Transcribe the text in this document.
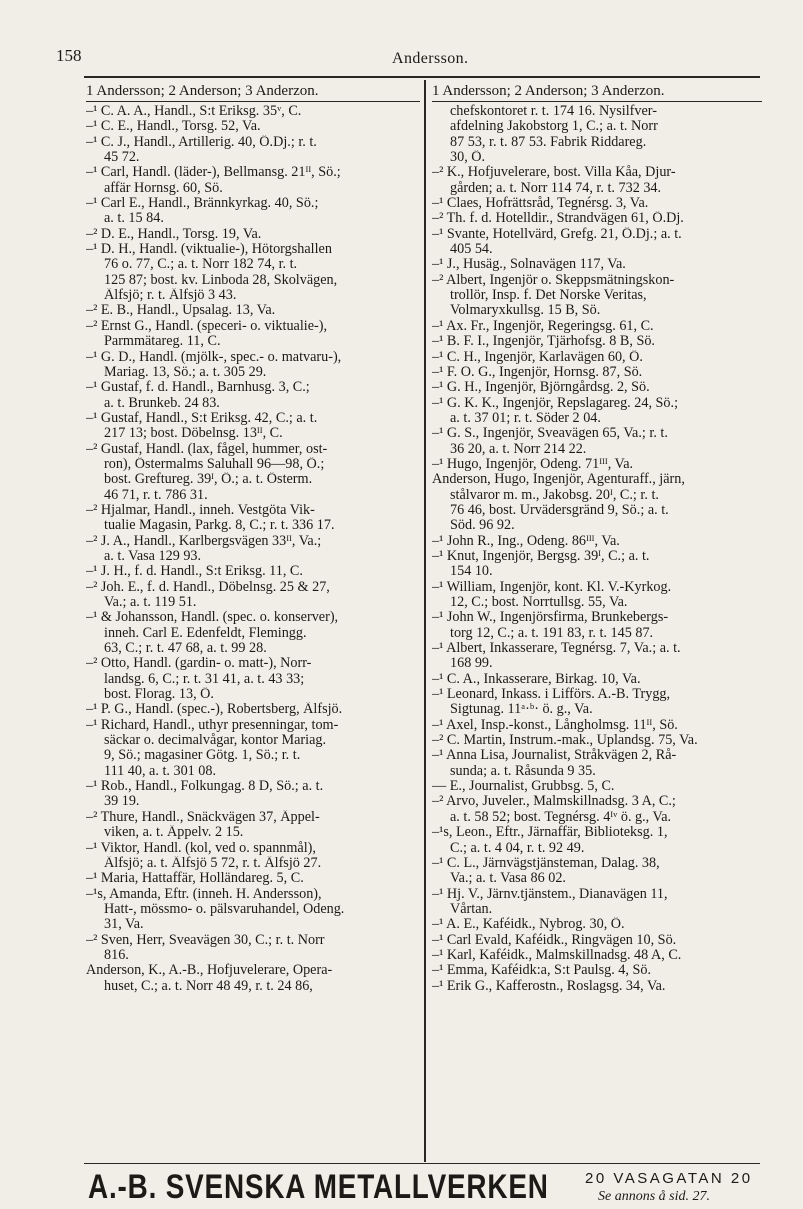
158	Andersson.
1 Andersson; 2 Anderson; 3 Anderzon.
–¹ C. A. A., Handl., S:t Eriksg. 35ᵛ, C.
–¹ C. E., Handl., Torsg. 52, Va.
–¹ C. J., Handl., Artillerig. 40, Ö.Dj.; r. t.
45 72.
–¹ Carl, Handl. (läder-), Bellmansg. 21ᴵᴵ, Sö.;
affär Hornsg. 60, Sö.
–¹ Carl E., Handl., Brännkyrkag. 40, Sö.;
a. t. 15 84.
–² D. E., Handl., Torsg. 19, Va.
–¹ D. H., Handl. (viktualie-), Hötorgshallen
76 o. 77, C.; a. t. Norr 182 74, r. t.
125 87; bost. kv. Linboda 28, Skolvägen,
Älfsjö; r. t. Älfsjö 3 43.
–² E. B., Handl., Upsalag. 13, Va.
–² Ernst G., Handl. (speceri- o. viktualie-),
Parmmätareg. 11, C.
–¹ G. D., Handl. (mjölk-, spec.- o. matvaru-),
Mariag. 13, Sö.; a. t. 305 29.
–¹ Gustaf, f. d. Handl., Barnhusg. 3, C.;
a. t. Brunkeb. 24 83.
–¹ Gustaf, Handl., S:t Eriksg. 42, C.; a. t.
217 13; bost. Döbelnsg. 13ᴵᴵ, C.
–² Gustaf, Handl. (lax, fågel, hummer, ost-
ron), Östermalms Saluhall 96—98, Ö.;
bost. Greftureg. 39ᴵ, Ö.; a. t. Österm.
46 71, r. t. 786 31.
–² Hjalmar, Handl., inneh. Vestgöta Vik-
tualie Magasin, Parkg. 8, C.; r. t. 336 17.
–² J. A., Handl., Karlbergsvägen 33ᴵᴵ, Va.;
a. t. Vasa 129 93.
–¹ J. H., f. d. Handl., S:t Eriksg. 11, C.
–² Joh. E., f. d. Handl., Döbelnsg. 25 & 27,
Va.; a. t. 119 51.
–¹ & Johansson, Handl. (spec. o. konserver),
inneh. Carl E. Edenfeldt, Flemingg.
63, C.; r. t. 47 68, a. t. 99 28.
–² Otto, Handl. (gardin- o. matt-), Norr-
landsg. 6, C.; r. t. 31 41, a. t. 43 33;
bost. Florag. 13, Ö.
–¹ P. G., Handl. (spec.-), Robertsberg, Älfsjö.
–¹ Richard, Handl., uthyr presenningar, tom-
säckar o. decimalvågar, kontor Mariag.
9, Sö.; magasiner Götg. 1, Sö.; r. t.
111 40, a. t. 301 08.
–¹ Rob., Handl., Folkungag. 8 D, Sö.; a. t.
39 19.
–² Thure, Handl., Snäckvägen 37, Äppel-
viken, a. t. Äppelv. 2 15.
–¹ Viktor, Handl. (kol, ved o. spannmål),
Älfsjö; a. t. Älfsjö 5 72, r. t. Älfsjö 27.
–¹ Maria, Hattaffär, Holländareg. 5, C.
–¹s, Amanda, Eftr. (inneh. H. Andersson),
Hatt-, mössmo- o. pälsvaruhandel, Odeng.
31, Va.
–² Sven, Herr, Sveavägen 30, C.; r. t. Norr
816.
Anderson, K., A.-B., Hofjuvelerare, Opera-
huset, C.; a. t. Norr 48 49, r. t. 24 86,
1 Andersson; 2 Anderson; 3 Anderzon.
chefskontoret r. t. 174 16. Nysilfver-
afdelning Jakobstorg 1, C.; a. t. Norr
87 53, r. t. 87 53. Fabrik Riddareg.
30, Ö.
–² K., Hofjuvelerare, bost. Villa Kåa, Djur-
gården; a. t. Norr 114 74, r. t. 732 34.
–¹ Claes, Hofrättsråd, Tegnérsg. 3, Va.
–² Th. f. d. Hotelldir., Strandvägen 61, Ö.Dj.
–¹ Svante, Hotellvärd, Grefg. 21, Ö.Dj.; a. t.
405 54.
–¹ J., Husäg., Solnavägen 117, Va.
–² Albert, Ingenjör o. Skeppsmätningskon-
trollör, Insp. f. Det Norske Veritas,
Volmaryxkullsg. 15 B, Sö.
–¹ Ax. Fr., Ingenjör, Regeringsg. 61, C.
–¹ B. F. I., Ingenjör, Tjärhofsg. 8 B, Sö.
–¹ C. H., Ingenjör, Karlavägen 60, Ö.
–¹ F. O. G., Ingenjör, Hornsg. 87, Sö.
–¹ G. H., Ingenjör, Björngårdsg. 2, Sö.
–¹ G. K. K., Ingenjör, Repslagareg. 24, Sö.;
a. t. 37 01; r. t. Söder 2 04.
–¹ G. S., Ingenjör, Sveavägen 65, Va.; r. t.
36 20, a. t. Norr 214 22.
–¹ Hugo, Ingenjör, Odeng. 71ᴵᴵᴵ, Va.
Anderson, Hugo, Ingenjör, Agenturaff., järn,
stålvaror m. m., Jakobsg. 20ᴵ, C.; r. t.
76 46, bost. Urvädersgränd 9, Sö.; a. t.
Söd. 96 92.
–¹ John R., Ing., Odeng. 86ᴵᴵᴵ, Va.
–¹ Knut, Ingenjör, Bergsg. 39ᴵ, C.; a. t.
154 10.
–¹ William, Ingenjör, kont. Kl. V.-Kyrkog.
12, C.; bost. Norrtullsg. 55, Va.
–¹ John W., Ingenjörsfirma, Brunkebergs-
torg 12, C.; a. t. 191 83, r. t. 145 87.
–¹ Albert, Inkasserare, Tegnérsg. 7, Va.; a. t.
168 99.
–¹ C. A., Inkasserare, Birkag. 10, Va.
–¹ Leonard, Inkass. i Lifförs. A.-B. Trygg,
Sigtunag. 11ᵃ·ᵇ· ö. g., Va.
–¹ Axel, Insp.-konst., Långholmsg. 11ᴵᴵ, Sö.
–² C. Martin, Instrum.-mak., Uplandsg. 75, Va.
–¹ Anna Lisa, Journalist, Stråkvägen 2, Rå-
sunda; a. t. Råsunda 9 35.
— E., Journalist, Grubbsg. 5, C.
–² Arvo, Juveler., Malmskillnadsg. 3 A, C.;
a. t. 58 52; bost. Tegnérsg. 4ᴵᵛ ö. g., Va.
–¹s, Leon., Eftr., Järnaffär, Biblioteksg. 1,
C.; a. t. 4 04, r. t. 92 49.
–¹ C. L., Järnvägstjänsteman, Dalag. 38,
Va.; a. t. Vasa 86 02.
–¹ Hj. V., Järnv.tjänstem., Dianavägen 11,
Vårtan.
–¹ A. E., Kaféidk., Nybrog. 30, Ö.
–¹ Carl Evald, Kaféidk., Ringvägen 10, Sö.
–¹ Karl, Kaféidk., Malmskillnadsg. 48 A, C.
–¹ Emma, Kaféidk:a, S:t Paulsg. 4, Sö.
–¹ Erik G., Kafferostn., Roslagsg. 34, Va.
A.-B. SVENSKA METALLVERKEN 20 VASAGATAN 20
Se annons å sid. 27.
